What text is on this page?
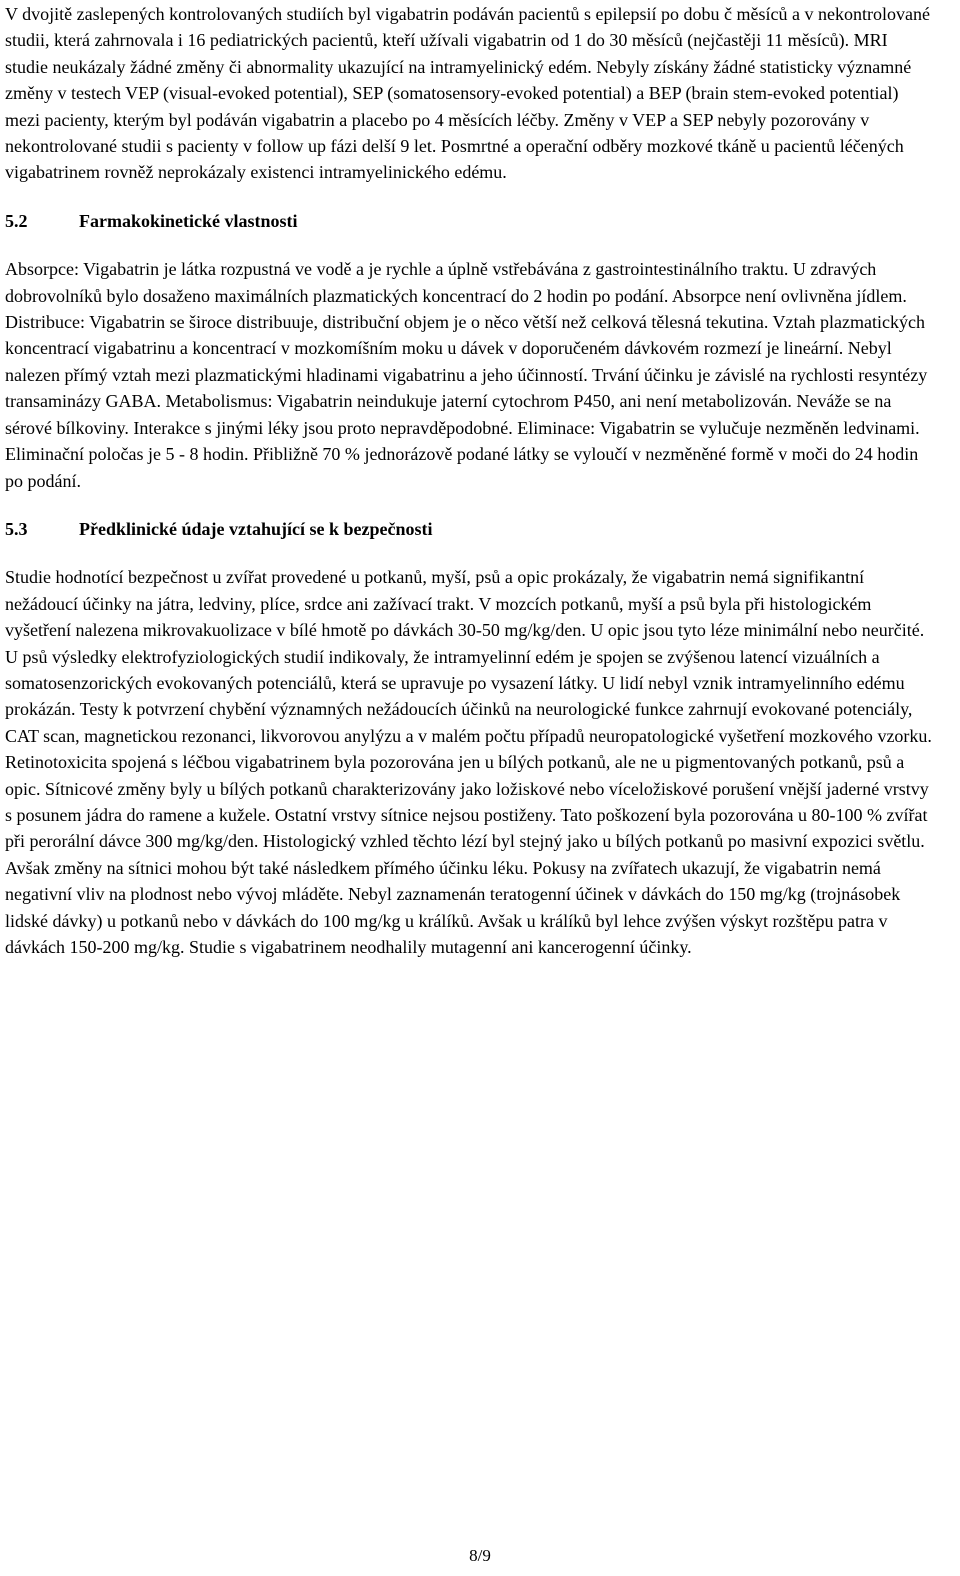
V dvojitě zaslepených kontrolovaných studiích byl vigabatrin podáván pacientů s epilepsií po dobu č měsíců a v nekontrolované studii, která zahrnovala i 16 pediatrických pacientů, kteří užívali vigabatrin od 1 do 30 měsíců (nejčastěji 11 měsíců). MRI studie neukázaly žádné změny či abnormality ukazující na intramyelinický edém. Nebyly získány žádné statisticky významné změny v testech VEP (visual-evoked potential), SEP (somatosensory-evoked potential) a BEP (brain stem-evoked potential) mezi pacienty, kterým byl podáván vigabatrin a placebo po 4 měsících léčby. Změny v VEP a SEP nebyly pozorovány v nekontrolované studii s pacienty v follow up fázi delší 9 let. Posmrtné a operační odběry mozkové tkáně u pacientů léčených vigabatrinem rovněž neprokázaly existenci intramyelinického edému.

5.2	Farmakokinetické vlastnosti

Absorpce: Vigabatrin je látka rozpustná ve vodě a je rychle a úplně vstřebávána z gastrointestinálního traktu. U zdravých dobrovolníků bylo dosaženo maximálních plazmatických koncentrací do 2 hodin po podání. Absorpce není ovlivněna jídlem. Distribuce: Vigabatrin se široce distribuuje, distribuční objem je o něco větší než celková tělesná tekutina. Vztah plazmatických koncentrací vigabatrinu a koncentrací v mozkomíšním moku u dávek v doporučeném dávkovém rozmezí je lineární. Nebyl nalezen přímý vztah mezi plazmatickými hladinami vigabatrinu a jeho účinností. Trvání účinku je závislé na rychlosti resyntézy transaminázy GABA. Metabolismus: Vigabatrin neindukuje jaterní cytochrom P450, ani není metabolizován. Neváže se na sérové bílkoviny. Interakce s jinými léky jsou proto nepravděpodobné. Eliminace: Vigabatrin se vylučuje nezměněn ledvinami. Eliminační poločas je 5 - 8 hodin. Přibližně 70 % jednorázově podané látky se vyloučí v nezměněné formě v moči do 24 hodin po podání.

5.3	Předklinické údaje vztahující se k bezpečnosti

Studie hodnotící bezpečnost u zvířat provedené u potkanů, myší, psů a opic prokázaly, že vigabatrin nemá signifikantní nežádoucí účinky na játra, ledviny, plíce, srdce ani zažívací trakt. V mozcích potkanů, myší a psů byla při histologickém vyšetření nalezena mikrovakuolizace v bílé hmotě po dávkách 30-50 mg/kg/den. U opic jsou tyto léze minimální nebo neurčité. U psů výsledky elektrofyziologických studií indikovaly, že intramyelinní edém je spojen se zvýšenou latencí vizuálních a somatosenzorických evokovaných potenciálů, která se upravuje po vysazení látky. U lidí nebyl vznik intramyelinního edému prokázán. Testy k potvrzení chybění významných nežádoucích účinků na neurologické funkce zahrnují evokované potenciály, CAT scan, magnetickou rezonanci, likvorovou anylýzu a v malém počtu případů neuropatologické vyšetření mozkového vzorku. Retinotoxicita spojená s léčbou vigabatrinem byla pozorována jen u bílých potkanů, ale ne u pigmentovaných potkanů, psů a opic. Sítnicové změny byly u bílých potkanů charakterizovány jako ložiskové nebo víceložiskové porušení vnější jaderné vrstvy s posunem jádra do ramene a kužele. Ostatní vrstvy sítnice nejsou postiženy. Tato poškození byla pozorována u 80-100 % zvířat při perorální dávce 300 mg/kg/den. Histologický vzhled těchto lézí byl stejný jako u bílých potkanů po masivní expozici světlu. Avšak změny na sítnici mohou být také následkem přímého účinku léku. Pokusy na zvířatech ukazují, že vigabatrin nemá negativní vliv na plodnost nebo vývoj mláděte. Nebyl zaznamenán teratogenní účinek v dávkách do 150 mg/kg (trojnásobek lidské dávky) u potkanů nebo v dávkách do 100 mg/kg u králíků. Avšak u králíků byl lehce zvýšen výskyt rozštěpu patra v dávkách 150-200 mg/kg. Studie s vigabatrinem neodhalily mutagenní ani kancerogenní účinky.

8/9
